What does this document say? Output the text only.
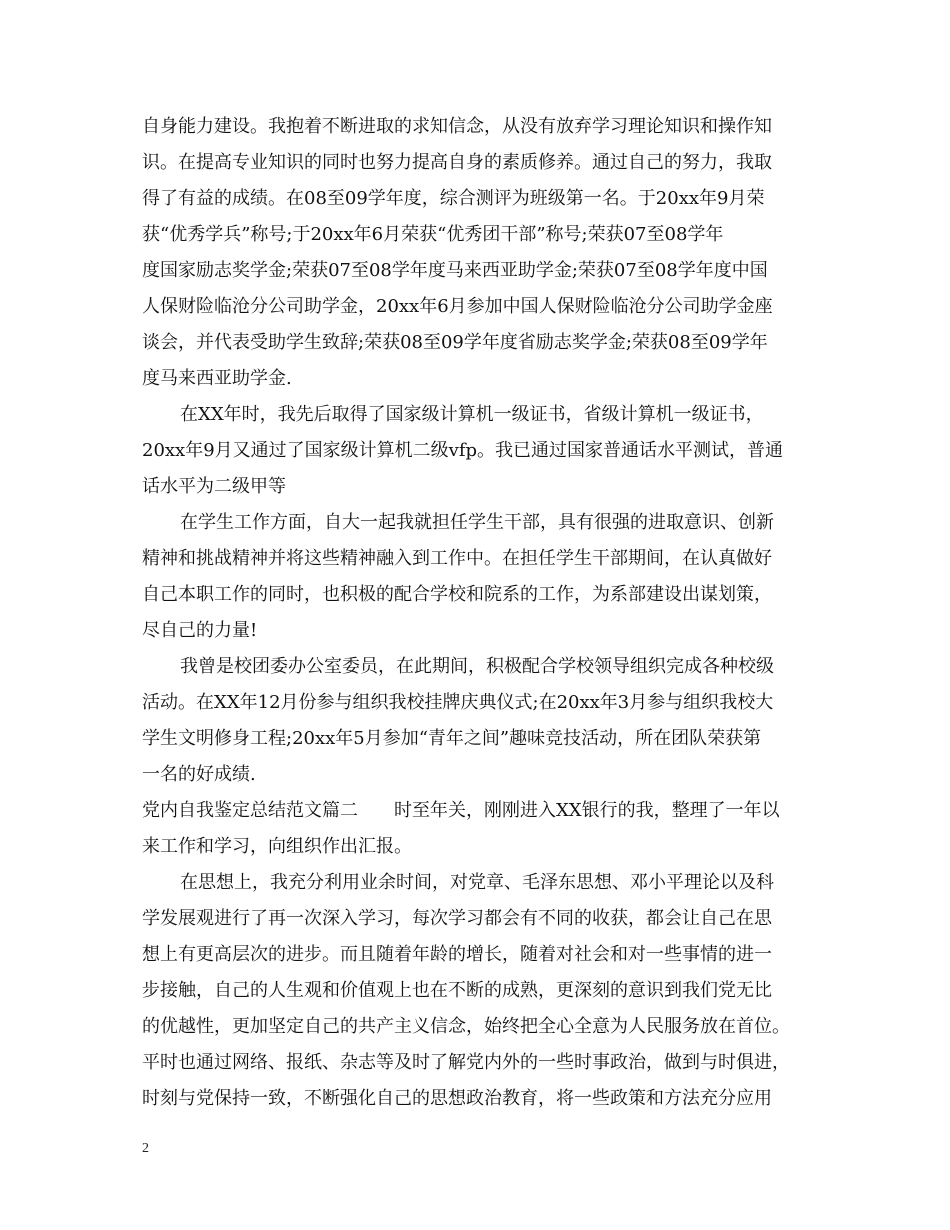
自身能力建设。我抱着不断进取的求知信念，从没有放弃学习理论知识和操作知
识。在提高专业知识的同时也努力提高自身的素质修养。通过自己的努力，我取
得了有益的成绩。在08至09学年度，综合测评为班级第一名。于20xx年9月荣
获“优秀学兵”称号;于20xx年6月荣获“优秀团干部”称号;荣获07至08学年
度国家励志奖学金;荣获07至08学年度马来西亚助学金;荣获07至08学年度中国
人保财险临沧分公司助学金，20xx年6月参加中国人保财险临沧分公司助学金座
谈会，并代表受助学生致辞;荣获08至09学年度省励志奖学金;荣获08至09学年
度马来西亚助学金.
在XX年时，我先后取得了国家级计算机一级证书，省级计算机一级证书，
20xx年9月又通过了国家级计算机二级vfp。我已通过国家普通话水平测试，普通
话水平为二级甲等
在学生工作方面，自大一起我就担任学生干部，具有很强的进取意识、创新
精神和挑战精神并将这些精神融入到工作中。在担任学生干部期间，在认真做好
自己本职工作的同时，也积极的配合学校和院系的工作，为系部建设出谋划策，
尽自己的力量!
我曾是校团委办公室委员，在此期间，积极配合学校领导组织完成各种校级
活动。在XX年12月份参与组织我校挂牌庆典仪式;在20xx年3月参与组织我校大
学生文明修身工程;20xx年5月参加“青年之间”趣味竞技活动，所在团队荣获第
一名的好成绩.
党内自我鉴定总结范文篇二　　时至年关，刚刚进入XX银行的我，整理了一年以
来工作和学习，向组织作出汇报。
在思想上，我充分利用业余时间，对党章、毛泽东思想、邓小平理论以及科
学发展观进行了再一次深入学习，每次学习都会有不同的收获，都会让自己在思
想上有更高层次的进步。而且随着年龄的增长，随着对社会和对一些事情的进一
步接触，自己的人生观和价值观上也在不断的成熟，更深刻的意识到我们党无比
的优越性，更加坚定自己的共产主义信念，始终把全心全意为人民服务放在首位。
平时也通过网络、报纸、杂志等及时了解党内外的一些时事政治，做到与时俱进，
时刻与党保持一致，不断强化自己的思想政治教育，将一些政策和方法充分应用
2
